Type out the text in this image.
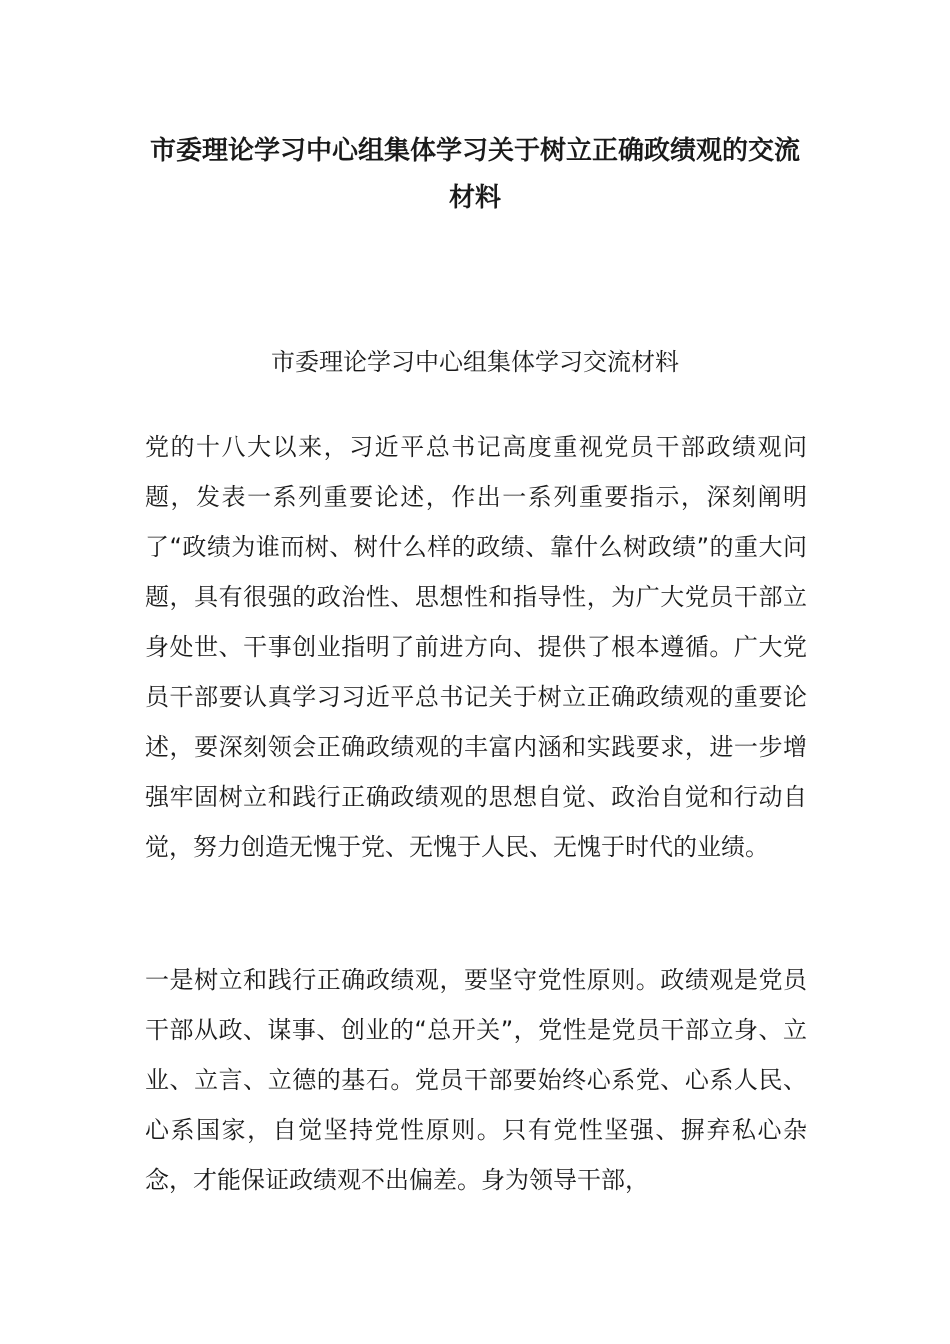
市委理论学习中心组集体学习关于树立正确政绩观的交流材料

市委理论学习中心组集体学习交流材料

党的十八大以来，习近平总书记高度重视党员干部政绩观问题，发表一系列重要论述，作出一系列重要指示，深刻阐明了“政绩为谁而树、树什么样的政绩、靠什么树政绩”的重大问题，具有很强的政治性、思想性和指导性，为广大党员干部立身处世、干事创业指明了前进方向、提供了根本遵循。广大党员干部要认真学习习近平总书记关于树立正确政绩观的重要论述，要深刻领会正确政绩观的丰富内涵和实践要求，进一步增强牢固树立和践行正确政绩观的思想自觉、政治自觉和行动自觉，努力创造无愧于党、无愧于人民、无愧于时代的业绩。

一是树立和践行正确政绩观，要坚守党性原则。政绩观是党员干部从政、谋事、创业的“总开关”，党性是党员干部立身、立业、立言、立德的基石。党员干部要始终心系党、心系人民、心系国家，自觉坚持党性原则。只有党性坚强、摒弃私心杂念，才能保证政绩观不出偏差。身为领导干部，
